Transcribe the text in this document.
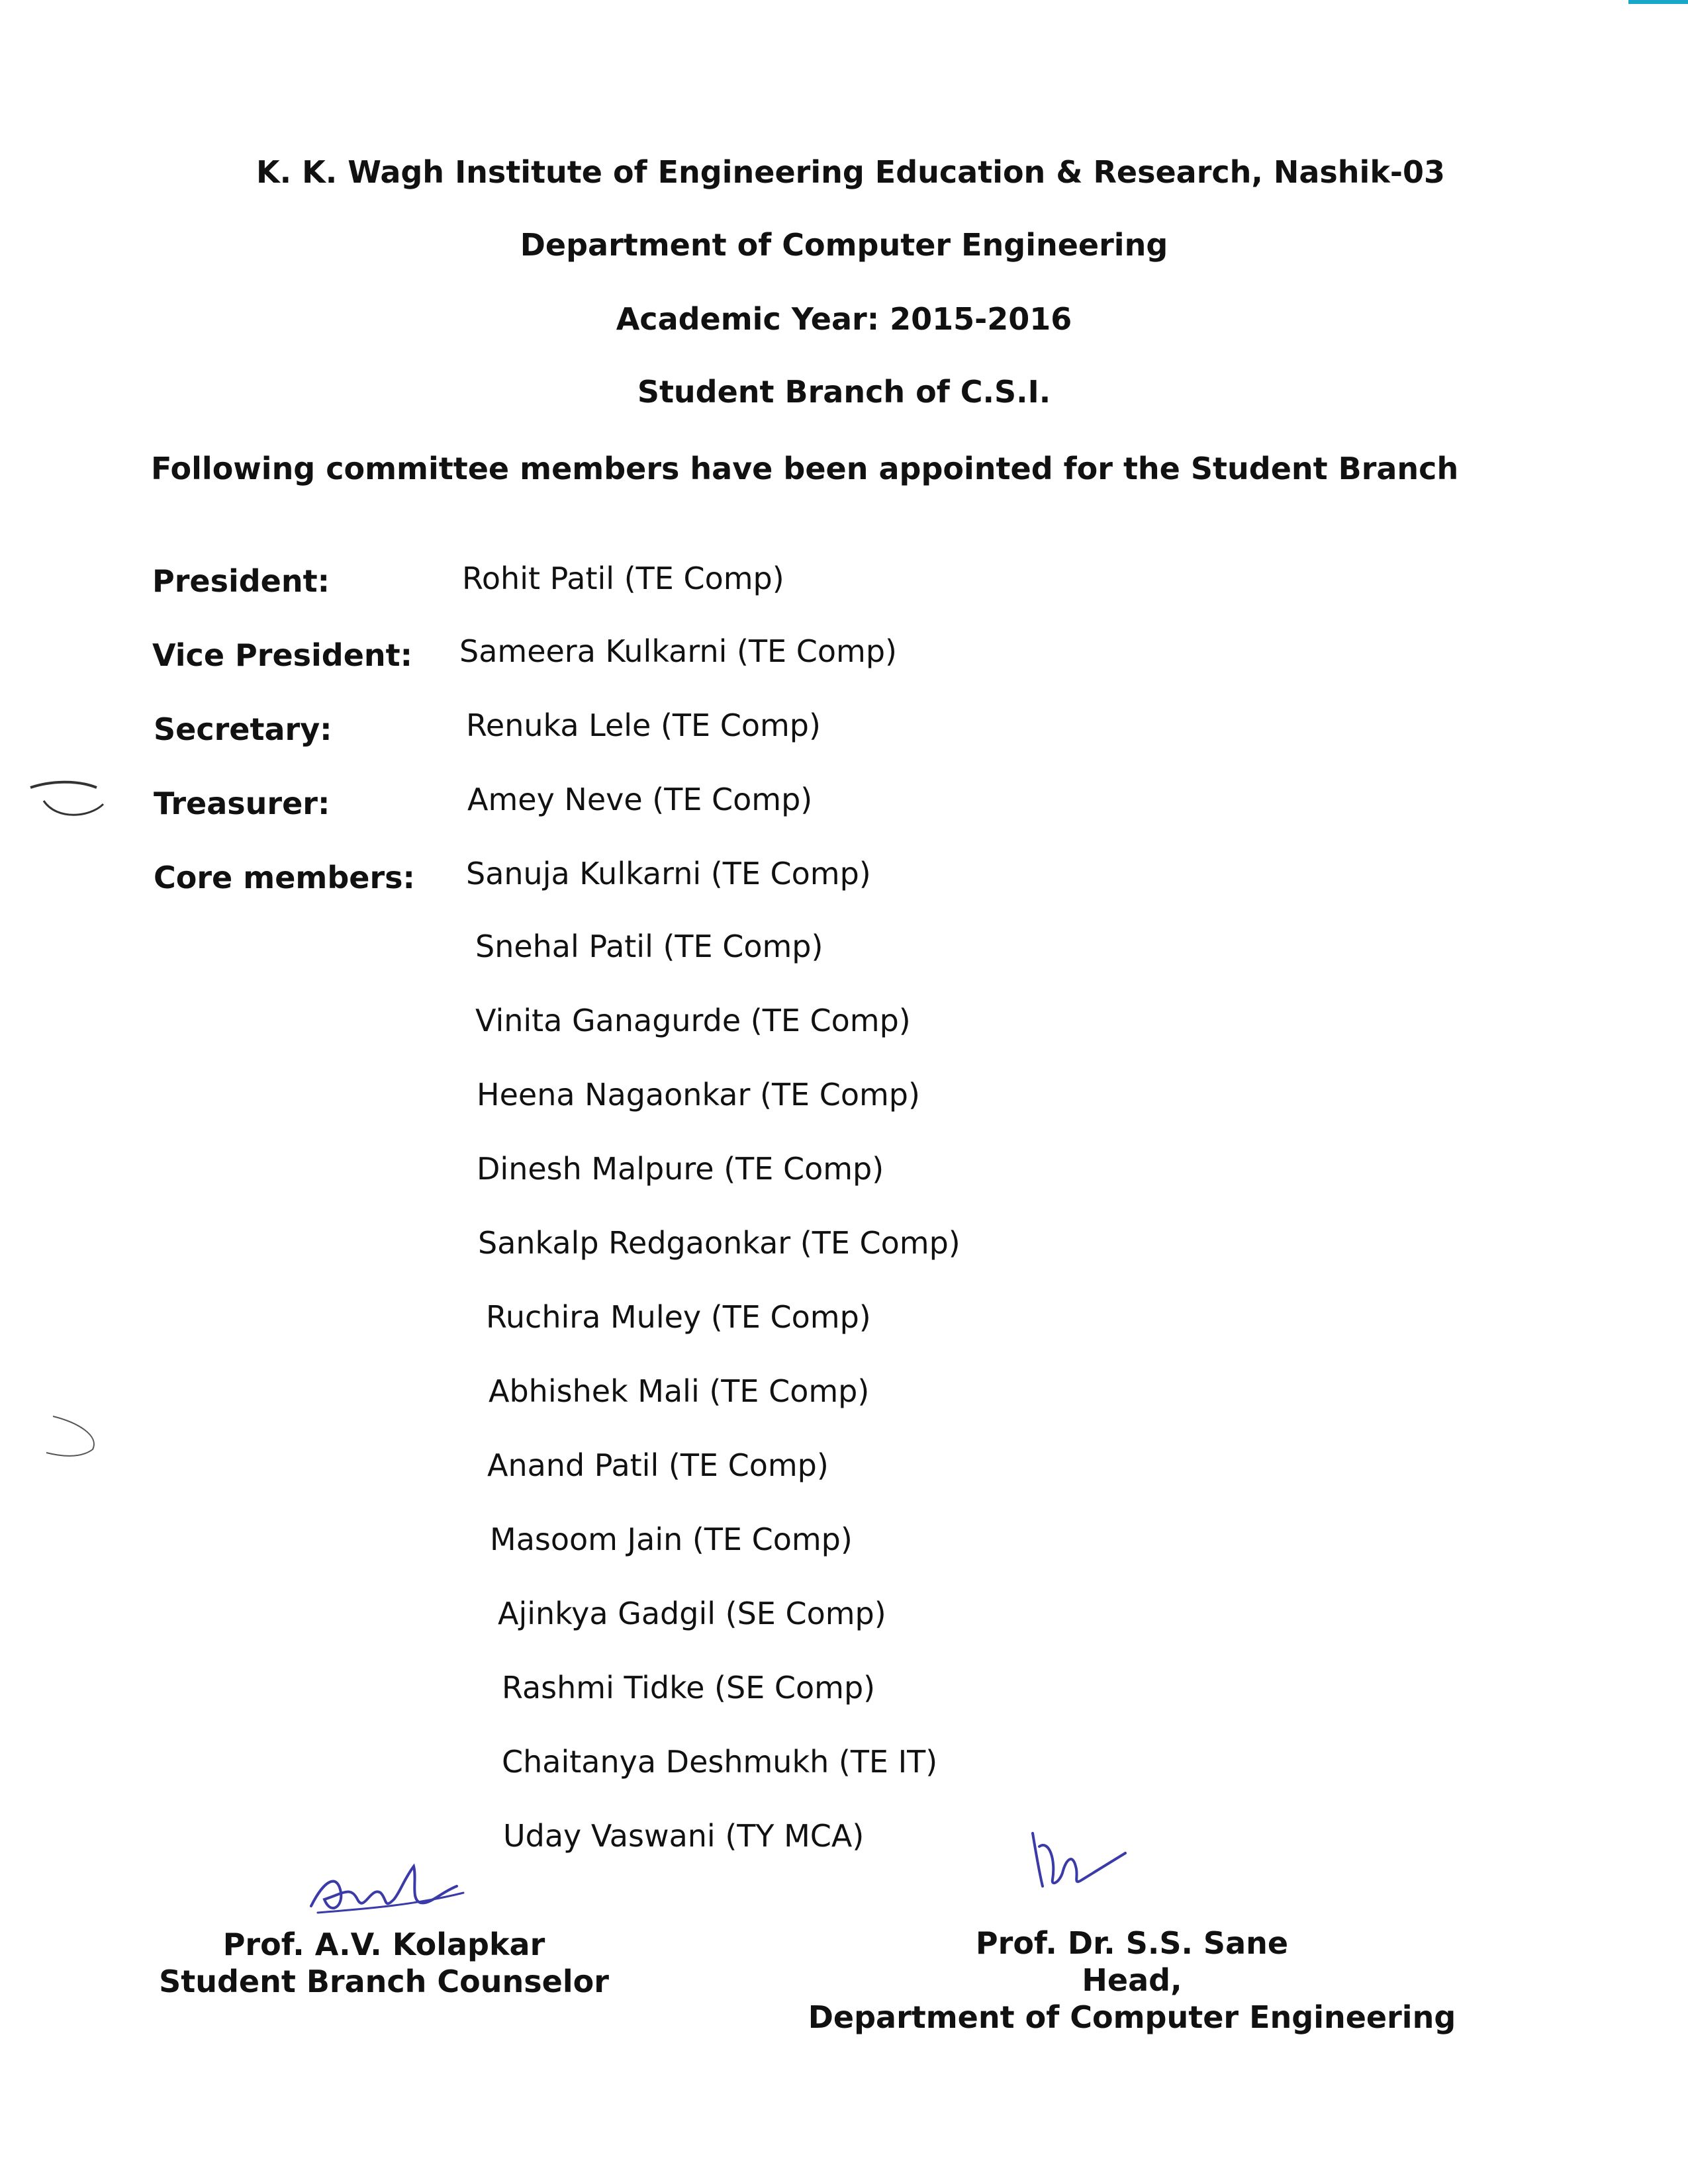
K. K. Wagh Institute of Engineering Education & Research, Nashik-03
Department of Computer Engineering
Academic Year: 2015-2016
Student Branch of C.S.I.
Following committee members have been appointed for the Student Branch
President:	Rohit Patil (TE Comp)
Vice President: Sameera Kulkarni (TE Comp)
Secretary:	Renuka Lele (TE Comp)
Treasurer:	Amey Neve (TE Comp)
Core members: Sanuja Kulkarni (TE Comp)
Snehal Patil (TE Comp)
Vinita Ganagurde (TE Comp)
Heena Nagaonkar (TE Comp)
Dinesh Malpure (TE Comp)
Sankalp Redgaonkar (TE Comp)
Ruchira Muley (TE Comp)
Abhishek Mali (TE Comp)
Anand Patil (TE Comp)
Masoom Jain (TE Comp)
Ajinkya Gadgil (SE Comp)
Rashmi Tidke (SE Comp)
Chaitanya Deshmukh (TE IT)
Uday Vaswani (TY MCA)
Prof. A.V. Kolapkar
Student Branch Counselor
Prof. Dr. S.S. Sane
Head,
Department of Computer Engineering
